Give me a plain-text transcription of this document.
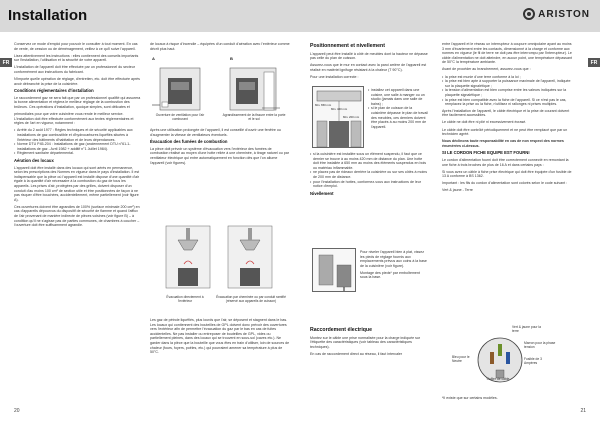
Installation	ARISTON
FR	FR

Conservez ce mode d'emploi pour pouvoir le consulter à tout moment. En cas de vente, de cession ou de déménagement, veillez à ce qu'il suive l'appareil.

Lisez attentivement les instructions : elles contiennent des conseils importants sur l'installation, l'utilisation et la sécurité de votre appareil.

L'installation de l'appareil doit être effectuée par un professionnel du secteur conformément aux instructions du fabricant.

N'importe quelle opération de réglage, d'entretien, etc. doit être effectuée après avoir débranché la prise de la cuisinière.

Conditions réglementaires d'installation

Le raccordement gaz ne sera fait que par un professionnel qualifié qui assurera la bonne alimentation et règlera le meilleur réglage de la combustion des brûleurs. Ces opérations d'installation, quoique simples, sont délicates et

primordiales pour que votre cuisinière vous rende le meilleur service. L'installation doit être effectuée conformément aux textes réglementaires et règles de l'art en vigueur, notamment :

• Arrêté du 2 août 1977 : Règles techniques et de sécurité applicables aux installations de gaz combustible et d'hydrocarbures liquéfiés situées à l'intérieur des bâtiments d'habitation et de leurs dépendances.
• Norme DTU P45-204 : Installations de gaz (anciennement DTU n°61-1-installations de gaz - Avril 1982 + additif n°1 Juillet 1984).
• Règlement sanitaire départemental.
Aération des locaux

L'appareil doit être installé dans des locaux qui sont aérés en permanence, selon les prescriptions des Normes en vigueur dans le pays d'installation. Il est indispensable que la pièce où l'appareil est installé dispose d'une quantité d'air égale à la quantité d'air nécessaire à la combustion du gaz de tous les appareils. Les prises d'air, protégées par des grilles, doivent disposer d'un conduit d'au moins 100 cm² de section utile et être positionnées de façon à ne pas risquer d'être bouchées, accidentellement, même partiellement (voir figure A).

Ces ouvertures doivent être agrandies de 100% (surface minimale 200 cm²) en cas d'appareils dépourvus du dispositif de sécurité de flamme et quand l'afflux de l'air provenant de manière indirecte de pièces voisines (voir figure B) – à condition qu'il ne s'agisse pas de parties communes, de chambres à coucher – l'ouverture doit être suffisamment agrandie.

de locaux à risque d'incendie – équipées d'un conduit d'aération avec l'extérieur comme décrit plus haut.

A	B
Ouverture de ventilation pour l'air comburant
Agrandissement de la fissure entre la porte et le sol

Après une utilisation prolongée de l'appareil, il est conseillé d'ouvrir une fenêtre ou d'augmenter la vitesse de ventilateurs éventuels.

Évacuation des fumées de combustion

La pièce doit prévoir un système d'évacuation vers l'extérieur des fumées de combustion réalisé au moyen d'une hotte reliée à une cheminée, à tirage naturel ou par ventilateur électrique qui entre automatiquement en fonction dès que l'on allume l'appareil (voir figures).

Évacuation directement à l'extérieur
Évacuation par cheminée ou par conduit ramifié (réservé aux appareils de cuisson)

Les gaz de pétrole liquéfiés, plus lourds que l'air, se déposent et stagnent dans le bas. Les locaux qui contiennent des bouteilles de GPL doivent donc prévoir des ouvertures vers l'extérieur afin de permettre l'évacuation du gaz par le bas en cas de fuites accidentelles. Ne pas installer ou entreposer de bouteilles de GPL, vides ou partiellement pleines, dans des locaux qui se trouvent en sous-sol (caves etc.). Ne garder dans la pièce que la bouteille que vous êtes en train d'utiliser, loin de sources de chaleur (fours, foyers, poêles, etc.) qui pourraient amener sa température à plus de 50°C.

Positionnement et nivellement

L'appareil peut être installé à côté de meubles dont la hauteur ne dépasse pas celle du plan de cuisson.

Assurez-vous que le mur en contact avec la paroi arrière de l'appareil est réalisé en matériel ignifuge résistant à la chaleur (T 90°C).

Pour une installation correcte :

Min. 420 mm
Min. 650 mm
Min. 200 mm
• installez cet appareil dans une cuisine, une salle à manger ou un studio (jamais dans une salle de bains) ;
• si le plan de cuisson de la cuisinière dépasse le plan de travail des meubles, ces derniers doivent être placés à au moins 200 mm de l'appareil.
• si la cuisinière est installée sous un élément suspendu, il faut que ce dernier se trouve à au moins 420 mm de distance du plan. Une hotte doit être installée à 650 mm au moins des éléments suspendus en bois ou matériau inflammable.
• ne placez pas de rideaux derrière la cuisinière ou sur ses côtés à moins de 200 mm de distance.
• pour l'installation de hottes, conformez-vous aux instructions de leur notice d'emploi.
Nivellement

Pour niveler l'appareil bien à plat, vissez les pieds de réglage fournis aux emplacements prévus aux coins à la base de la cuisinière (voir figure).

Montage des pieds* par emboîtement sous la base.

Raccordement électrique

Montez sur le câble une prise normalisée pour la charge indiquée sur l'étiquette des caractéristiques (voir tableau des caractéristiques techniques).

En cas de raccordement direct au réseau, il faut intercaler

entre l'appareil et le réseau un interrupteur à coupure omnipolaire ayant au moins 3 mm d'écartement entre les contacts, dimensionné à la charge et conforme aux normes en vigueur (le fil de terre ne doit pas être interrompu par l'interrupteur). Le câble d'alimentation ne doit atteindre, en aucun point, une température dépassant de 50°C la température ambiante.

Avant de procéder au branchement, assurez-vous que :

• la prise est munie d'une terre conforme à la loi ;
• la prise est bien apte à supporter la puissance maximale de l'appareil, indiquée sur la plaquette signalétique ;
• la tension d'alimentation est bien comprise entre les valeurs indiquées sur la plaquette signalétique ;
• la prise est bien compatible avec la fiche de l'appareil. Si ce n'est pas le cas, remplacez la prise ou la fiche, n'utilisez ni rallonges ni prises multiples.

Après l'installation de l'appareil, le câble électrique et la prise de courant doivent être facilement accessibles.

Le câble ne doit être ni plié ni excessivement écrasé.

Le câble doit être contrôlé périodiquement et ne peut être remplacé que par un technicien agréé.

Nous déclinons toute responsabilité en cas de non respect des normes énumérées ci-dessus.

SI LE CORDON FICHE EQUIPE EST FOURNI

Le cordon d'alimentation fourni doit être correctement connecté en remontant la une fiche à trois broches de plus de 16 A et dans certains pays :

Si vous avez un câble à fiche prise électrique qui doit être équipée d'un fusible de 13 A conforme à BS 1362.

Important : les fils du cordon d'alimentation sont colorés selon le code suivant :

Vert & jaune - Terre

Vert & jaune pour la terre
Marron pour la phase tension
Fusible de 3 Ampères
Bleu pour le Neutre
Collier de câble
*Il existe que sur certains modèles.
20	21
